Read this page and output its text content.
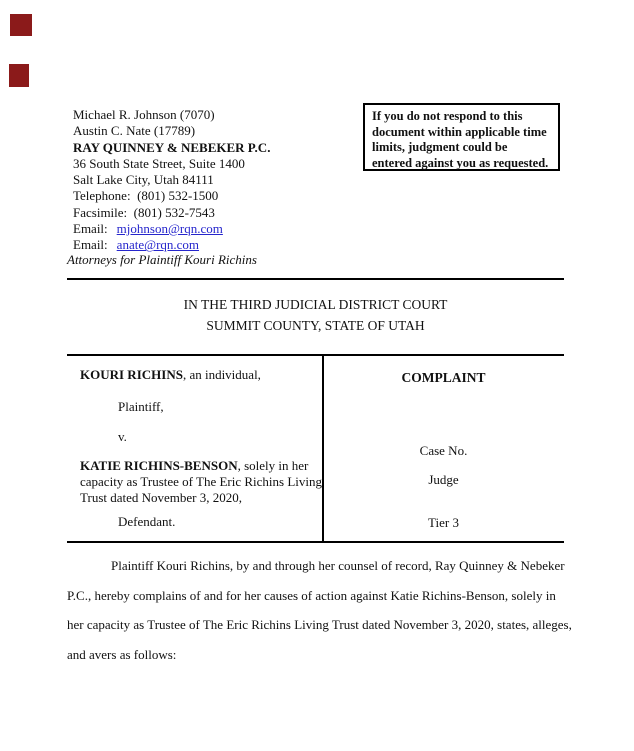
Michael R. Johnson (7070)
Austin C. Nate (17789)
RAY QUINNEY & NEBEKER P.C.
36 South State Street, Suite 1400
Salt Lake City, Utah 84111
Telephone:  (801) 532-1500
Facsimile:  (801) 532-7543
Email: mjohnson@rqn.com
Email: anate@rqn.com
If you do not respond to this
document within applicable time
limits, judgment could be
entered against you as requested.
Attorneys for Plaintiff Kouri Richins
IN THE THIRD JUDICIAL DISTRICT COURT
SUMMIT COUNTY, STATE OF UTAH
KOURI RICHINS, an individual,
Plaintiff,
v.
KATIE RICHINS-BENSON, solely in her
capacity as Trustee of The Eric Richins Living
Trust dated November 3, 2020,
Defendant.
COMPLAINT
Case No.
Judge
Tier 3
Plaintiff Kouri Richins, by and through her counsel of record, Ray Quinney & Nebeker
P.C., hereby complains of and for her causes of action against Katie Richins-Benson, solely in
her capacity as Trustee of The Eric Richins Living Trust dated November 3, 2020, states, alleges,
and avers as follows:
